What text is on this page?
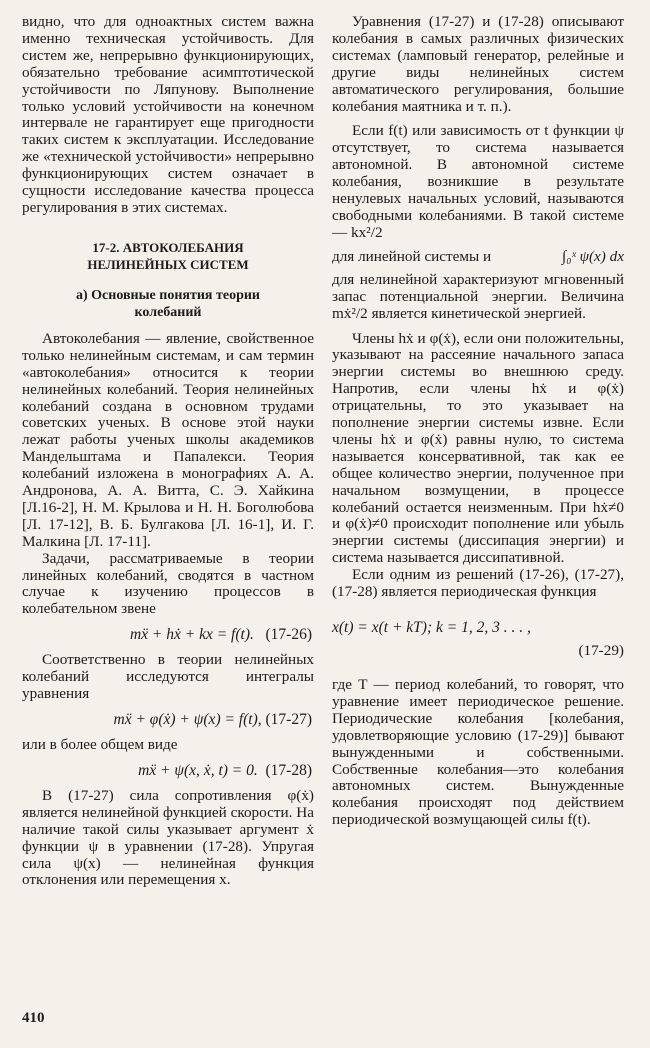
видно, что для одноактных систем важна именно техническая устойчивость. Для систем же, непрерывно функционирующих, обязательно требование асимптотической устойчивости по Ляпунову. Выполнение только условий устойчивости на конечном интервале не гарантирует еще пригодности таких систем к эксплуатации. Исследование же «технической устойчивости» непрерывно функционирующих систем означает в сущности исследование качества процесса регулирования в этих системах.

17-2. АВТОКОЛЕБАНИЯ
НЕЛИНЕЙНЫХ СИСТЕМ
а) Основные понятия теории
колебаний

Автоколебания — явление, свойственное только нелинейным системам, и сам термин «автоколебания» относится к теории нелинейных колебаний. Теория нелинейных колебаний создана в основном трудами советских ученых. В основе этой науки лежат работы ученых школы академиков Мандельштама и Папалекси. Теория колебаний изложена в монографиях А. А. Андронова, А. А. Витта, С. Э. Хайкина [Л.16-2], Н. М. Крылова и Н. Н. Боголюбова [Л. 17-12], В. Б. Булгакова [Л. 16-1], И. Г. Малкина [Л. 17-11].

Задачи, рассматриваемые в теории линейных колебаний, сводятся в частном случае к изучению процессов в колебательном звене

mẍ + hẋ + kx = f(t). (17-26)

Соответственно в теории нелинейных колебаний исследуются интегралы уравнения

mẍ + φ(ẋ) + ψ(x) = f(t), (17-27)

или в более общем виде

mẍ + ψ(x, ẋ, t) = 0. (17-28)

В (17-27) сила сопротивления φ(ẋ) является нелинейной функцией скорости. На наличие такой силы указывает аргумент ẋ функции ψ в уравнении (17-28). Упругая сила ψ(x) — нелинейная функция отклонения или перемещения x.

Уравнения (17-27) и (17-28) описывают колебания в самых различных физических системах (ламповый генератор, релейные и другие виды нелинейных систем автоматического регулирования, большие колебания маятника и т. п.).

Если f(t) или зависимость от t функции ψ отсутствует, то система называется автономной. В автономной системе колебания, возникшие в результате ненулевых начальных условий, называются свободными колебаниями. В такой системе — kx²/2

для линейной системы и	∫₀ˣ ψ(x) dx

для нелинейной характеризуют мгновенный запас потенциальной энергии. Величина mẋ²/2 является кинетической энергией.

Члены hẋ и φ(ẋ), если они положительны, указывают на рассеяние начального запаса энергии системы во внешнюю среду. Напротив, если члены hẋ и φ(ẋ) отрицательны, то это указывает на пополнение энергии системы извне. Если члены hẋ и φ(ẋ) равны нулю, то система называется консервативной, так как ее общее количество энергии, полученное при начальном возмущении, в процессе колебаний остается неизменным. При hẋ≠0 и φ(ẋ)≠0 происходит пополнение или убыль энергии системы (диссипация энергии) и система называется диссипативной.

Если одним из решений (17-26), (17-27), (17-28) является периодическая функция

x(t) = x(t + kT); k = 1, 2, 3 . . . ,
(17-29)

где T — период колебаний, то говорят, что уравнение имеет периодическое решение. Периодические колебания [колебания, удовлетворяющие условию (17-29)] бывают вынужденными и собственными. Собственные колебания—это колебания автономных систем. Вынужденные колебания происходят под действием периодической возмущающей силы f(t).

410
